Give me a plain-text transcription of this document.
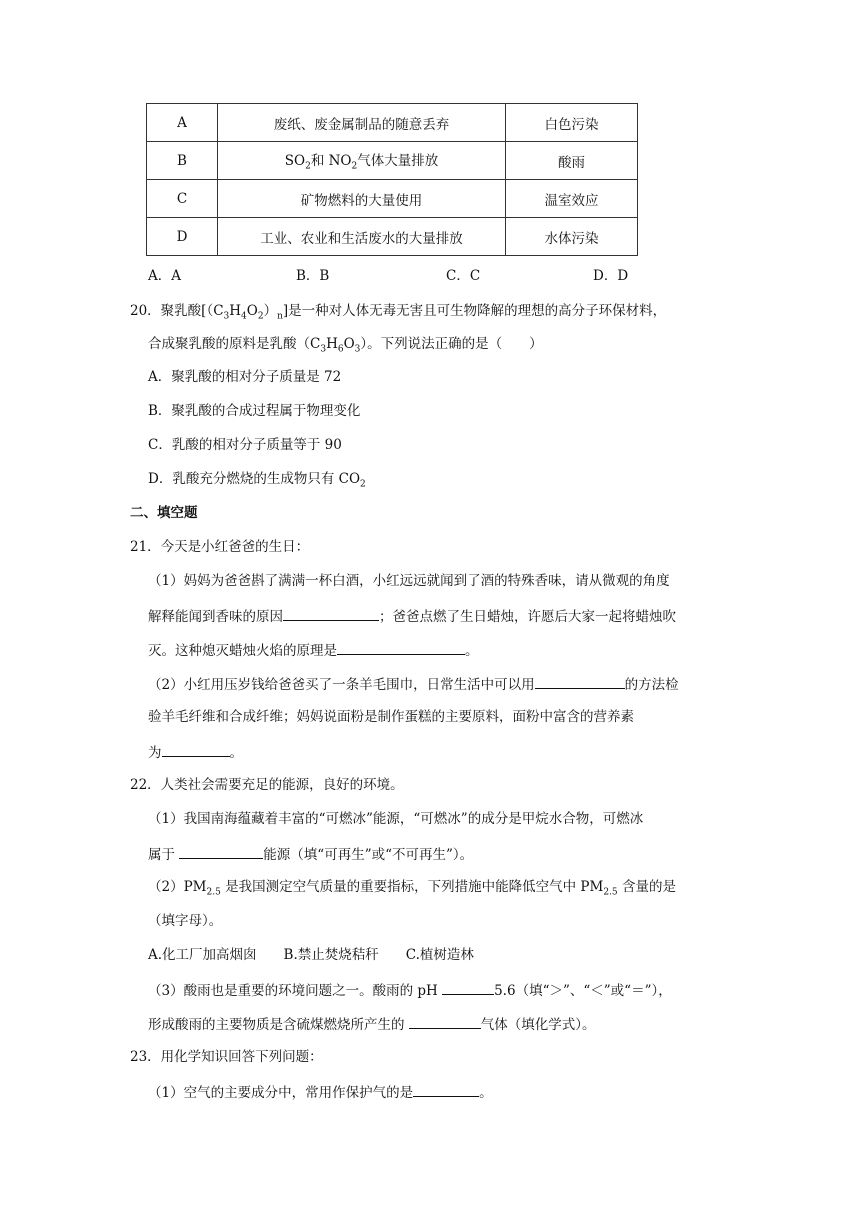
A	废纸、废金属制品的随意丢弃	白色污染
B	$SO_2$和 $NO_2$气体大量排放	酸雨
C	矿物燃料的大量使用	温室效应
D	工业、农业和生活废水的大量排放	水体污染
A．A	B．B	C．C	D．D
20．聚乳酸$[(C_3H_4O_2)_n]$是一种对人体无毒无害且可生物降解的理想的高分子环保材料，
合成聚乳酸的原料是乳酸$(C_3H_6O_3)$。下列说法正确的是（　　）
A．聚乳酸的相对分子质量是 72
B．聚乳酸的合成过程属于物理变化
C．乳酸的相对分子质量等于 90
D．乳酸充分燃烧的生成物只有 $CO_2$
二、填空题
21．今天是小红爸爸的生日：
（1）妈妈为爸爸斟了满满一杯白酒，小红远远就闻到了酒的特殊香味，请从微观的角度
解释能闻到香味的原因	；爸爸点燃了生日蜡烛，许愿后大家一起将蜡烛吹
灭。这种熄灭蜡烛火焰的原理是	。
（2）小红用压岁钱给爸爸买了一条羊毛围巾，日常生活中可以用	的方法检
验羊毛纤维和合成纤维；妈妈说面粉是制作蛋糕的主要原料，面粉中富含的营养素
为	。
22．人类社会需要充足的能源，良好的环境。
（1）我国南海蕴藏着丰富的“可燃冰”能源，“可燃冰”的成分是甲烷水合物，可燃冰
属于	能源（填“可再生”或“不可再生”）。
$(2)PM_{2.5}$ 是我国测定空气质量的重要指标，下列措施中能降低空气中 $PM_{2.5}$ 含量的是
（填字母）。
A.化工厂加高烟囱　　B.禁止焚烧秸秆　　C.植树造林
（3）酸雨也是重要的环境问题之一。酸雨的 pH	5.6（填“＞”、“＜”或“＝”），
形成酸雨的主要物质是含硫煤燃烧所产生的	气体（填化学式）。
23．用化学知识回答下列问题：
（1）空气的主要成分中，常用作保护气的是	。
